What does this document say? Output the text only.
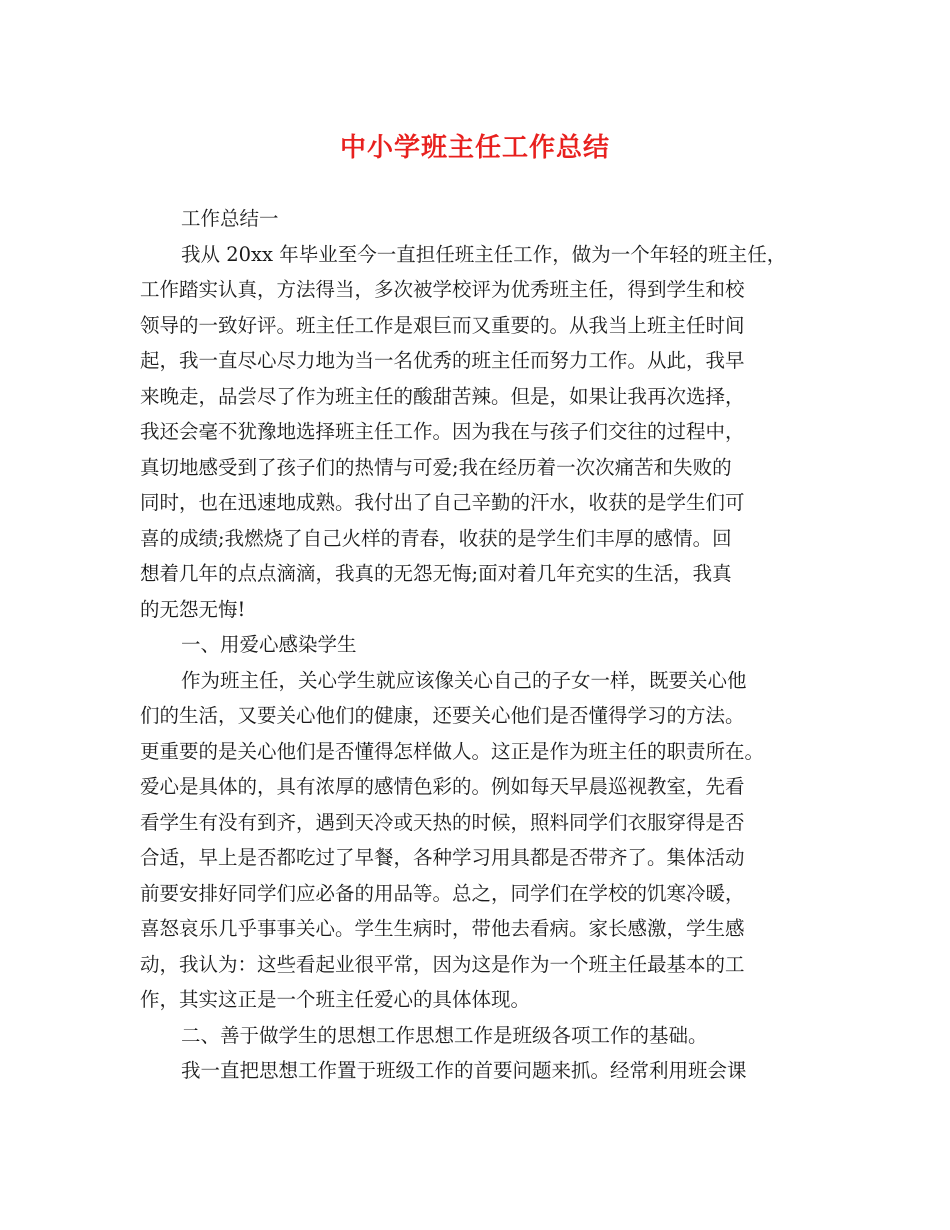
中小学班主任工作总结
工作总结一
我从 20xx 年毕业至今一直担任班主任工作，做为一个年轻的班主任，
工作踏实认真，方法得当，多次被学校评为优秀班主任，得到学生和校
领导的一致好评。班主任工作是艰巨而又重要的。从我当上班主任时间
起，我一直尽心尽力地为当一名优秀的班主任而努力工作。从此，我早
来晚走，品尝尽了作为班主任的酸甜苦辣。但是，如果让我再次选择，
我还会毫不犹豫地选择班主任工作。因为我在与孩子们交往的过程中，
真切地感受到了孩子们的热情与可爱;我在经历着一次次痛苦和失败的
同时，也在迅速地成熟。我付出了自己辛勤的汗水，收获的是学生们可
喜的成绩;我燃烧了自己火样的青春，收获的是学生们丰厚的感情。回
想着几年的点点滴滴，我真的无怨无悔;面对着几年充实的生活，我真
的无怨无悔!
一、用爱心感染学生
作为班主任，关心学生就应该像关心自己的子女一样，既要关心他
们的生活，又要关心他们的健康，还要关心他们是否懂得学习的方法。
更重要的是关心他们是否懂得怎样做人。这正是作为班主任的职责所在。
爱心是具体的，具有浓厚的感情色彩的。例如每天早晨巡视教室，先看
看学生有没有到齐，遇到天冷或天热的时候，照料同学们衣服穿得是否
合适，早上是否都吃过了早餐，各种学习用具都是否带齐了。集体活动
前要安排好同学们应必备的用品等。总之，同学们在学校的饥寒冷暖，
喜怒哀乐几乎事事关心。学生生病时，带他去看病。家长感激，学生感
动，我认为：这些看起业很平常，因为这是作为一个班主任最基本的工
作，其实这正是一个班主任爱心的具体体现。
二、善于做学生的思想工作思想工作是班级各项工作的基础。
我一直把思想工作置于班级工作的首要问题来抓。经常利用班会课
